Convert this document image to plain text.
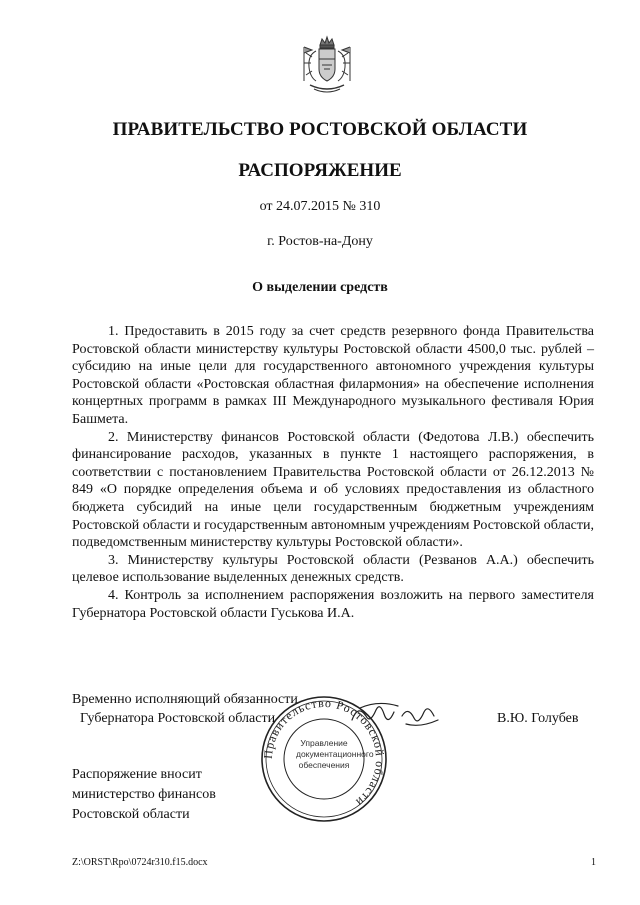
ПРАВИТЕЛЬСТВО РОСТОВСКОЙ ОБЛАСТИ
РАСПОРЯЖЕНИЕ
от 24.07.2015 № 310
г. Ростов-на-Дону
О выделении средств

1. Предоставить в 2015 году за счет средств резервного фонда Правительства Ростовской области министерству культуры Ростовской области 4500,0 тыс. рублей – субсидию на иные цели для государственного автономного учреждения культуры Ростовской области «Ростовская областная филармония» на обеспечение исполнения концертных программ в рамках III Международного музыкального фестиваля Юрия Башмета.

2. Министерству финансов Ростовской области (Федотова Л.В.) обеспечить финансирование расходов, указанных в пункте 1 настоящего распоряжения, в соответствии с постановлением Правительства Ростовской области от 26.12.2013 № 849 «О порядке определения объема и об условиях предоставления из областного бюджета субсидий на иные цели государственным бюджетным учреждениям Ростовской области и государственным автономным учреждениям Ростовской области, подведомственным министерству культуры Ростовской области».

3. Министерству культуры Ростовской области (Резванов А.А.) обеспечить целевое использование выделенных денежных средств.

4. Контроль за исполнением распоряжения возложить на первого заместителя Губернатора Ростовской области Гуськова И.А.

Правительство Ростовской области
Управление
документационного
обеспечения
Временно исполняющий обязанности
Губернатора Ростовской области	В.Ю. Голубев
Распоряжение вносит
министерство финансов
Ростовской области
Z:\ORST\Rpo\0724r310.f15.docx	1
